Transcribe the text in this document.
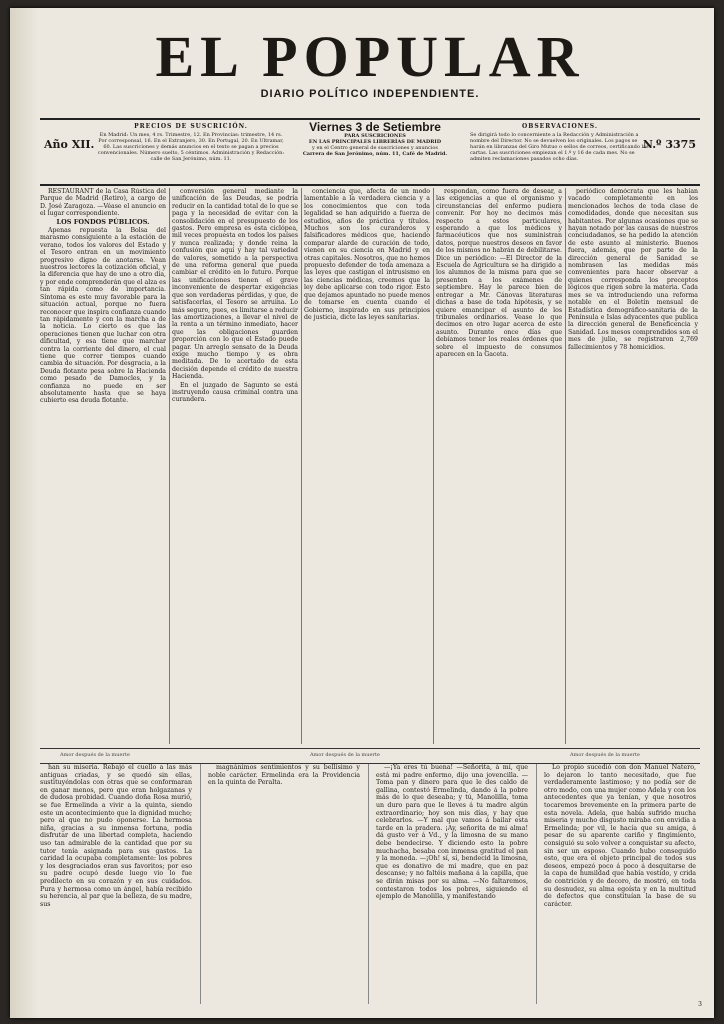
EL POPULAR
DIARIO POLÍTICO INDEPENDIENTE.
Año XII.
PRECIOS DE SUSCRICIÓN.
En Madrid: Un mes, 4 rs. Trimestre, 12. En Provincias: trimestre, 14 rs. Por corresponsal, 16. En el Extranjero, 30. En Portugal, 20. En Ultramar, 60. Las suscriciones y demás anuncios en el texto se pagan a precios convencionales. Número suelto, 5 céntimos. Administración y Redacción: calle de San Jerónimo, núm. 11.
Viernes 3 de Setiembre
PARA SUSCRICIONES
EN LAS PRINCIPALES LIBRERÍAS DE MADRID
y en el Centro general de suscriciones y anuncios
Carrera de San Jerónimo, núm. 11, Café de Madrid.
OBSERVACIONES.
Se dirigirá todo lo concerniente a la Redacción y Administración a nombre del Director. No se devuelven los originales. Los pagos se harán en libranzas del Giro Mutuo o sellos de correos, certificando las cartas. Las suscriciones empiezan el 1.º y 16 de cada mes. No se admiten reclamaciones pasados ocho días.
N.º 3375

RESTAURANT de la Casa Rústica del Parque de Madrid (Retiro), a cargo de D. José Zaragoza. —Véase el anuncio en el lugar correspondiente.

LOS FONDOS PÚBLICOS.

Apenas repuesta la Bolsa del marasmo consiguiente a la estación de verano, todos los valores del Estado y el Tesoro entran en un movimiento progresivo digno de anotarse. Vean nuestros lectores la cotización oficial, y la diferencia que hay de uno a otro día, y por ende comprenderán que el alza es tan rápida como de importancia. Síntoma es este muy favorable para la situación actual, porque no fuera reconocer que inspira confianza cuando tan rápidamente y con la marcha a de la noticia. Lo cierto es que las operaciones tienen que luchar con otra dificultad, y esa tiene que marchar contra la corriente del dinero, el cual tiene que correr tiempos cuando cambia de situación. Por desgracia, a la Deuda flotante pesa sobre la Hacienda como pesado de Damocles, y la confianza no puede en ser absolutamente hasta que se haya cubierto esa deuda flotante.

conversión general mediante la unificación de las Deudas, se podría reducir en la cantidad total de lo que se paga y la necesidad de evitar con la consolidación en el presupuesto de los gastos. Pero empresa es esta ciclópea, mil veces propuesta en todos los países y nunca realizada; y donde reina la confusión que aquí y hay tal variedad de valores, sometido a la perspectiva de una reforma general que pueda cambiar el crédito en lo futuro. Porque las unificaciones tienen el grave inconveniente de despertar exigencias que son verdaderas pérdidas, y que, de satisfacerlas, el Tesoro se arruina. Lo más seguro, pues, es limitarse a reducir las amortizaciones, a llevar el nivel de la renta a un término inmediato, hacer que las obligaciones guarden proporción con lo que el Estado puede pagar. Un arreglo sensato de la Deuda exige mucho tiempo y es obra meditada. De lo acertado de esta decisión depende el crédito de nuestra Hacienda.

En el juzgado de Sagunto se está instruyendo causa criminal contra una curandera.

conciencia que, afecta de un modo lamentable a la verdadera ciencia y a los conocimientos que con toda legalidad se han adquirido a fuerza de estudios, años de práctica y títulos. Muchos son los curanderos y falsificadores médicos que, haciendo comparar alarde de curación de todo, vienen en su ciencia en Madrid y en otras capitales. Nosotros, que no hemos propuesto defender de toda amenaza a las leyes que castigan el intrusismo en las ciencias médicas, creemos que la ley debe aplicarse con todo rigor. Esto que dejamos apuntado no puede menos de tomarse en cuenta cuando el Gobierno, inspirado en sus principios de justicia, dicte las leyes sanitarias.

respondan, como fuera de desear, a las exigencias a que el organismo y circunstancias del enfermo pudiera convenir. Por hoy no decimos más respecto a estos particulares, esperando a que los médicos y farmacéuticos que nos suministran datos, porque nuestros deseos en favor de los mismos no habrán de debilitarse. Dice un periódico: —El Director de la Escuela de Agricultura se ha dirigido a los alumnos de la misma para que se presenten a los exámenes de septiembre. Hay le parece bien de entregar a Mr. Cánovas literaturas dichas a base de toda hipótesis, y se quiere emancipar el asunto de los tribunales ordinarios. Vease lo que decimos en otro lugar acerca de este asunto. Durante once días que debíamos tener los reales órdenes que sobre el impuesto de consumos aparecen en la Gaceta.

periódico demócrata que les habían vacado completamente en los mencionados lechos de toda clase de comodidades, donde que necesitan sus habitantes. Por algunas ocasiones que se hayan notado por las causas de nuestros conciudadanos, se ha pedido la atención de este asunto al ministerio. Buenos fuera, además, que por parte de la dirección general de Sanidad se nombrasen las medidas más convenientes para hacer observar a quienes corresponda los preceptos lógicos que rigen sobre la materia. Cada mes se va introduciendo una reforma notable en el Boletín mensual de Estadística demográfico-sanitaria de la Península e Islas adyacentes que publica la dirección general de Beneficencia y Sanidad. Los mesos comprendidos son el mes de julio, se registraron 2,769 fallecimientos y 78 homicidios.

Amor después de la muerte	Amor después de la muerte	Amor después de la muerte

han su miseria. Rebajó el cuello a las más antiguas criadas, y se quedó sin ellas, sustituyéndolas con otras que se conformaran en ganar menos, pero que eran holgazanas y de dudosa probidad. Cuando doña Rosa murió, se fue Ermelinda a vivir a la quinta, siendo este un acontecimiento que la dignidad mucho; pero al que no pudo oponerse. La hermosa niña, gracias a su inmensa fortuna, podía disfrutar de una libertad completa, haciendo uso tan admirable de la cantidad que por su tutor tenía asignada para sus gastos. La caridad la ocupaba completamente: los pobres y los desgraciados eran sus favoritos; por eso su padre ocupó desde luego vio lo fue predilecto en su corazón y en sus cuidados. Pura y hermosa como un ángel, había recibido su herencia, al par que la belleza, de su madre, sus

magnánimos sentimientos y su bellísimo y noble carácter. Ermelinda era la Providencia en la quinta de Peralta.

—¡Ya eres tú buena! —Señorita, á mí, que está mi padre enfermo, dijo una jovencilla. —Toma pan y dinero para que le des caldo de gallina, contestó Ermelinda, dando á la pobre más de lo que deseaba; y tú, Manolilla, toma un duro para que le lleves á tu madre algún extraordinario; hoy son mis días, y hay que celebrarlos. —Y mal que vamos á bailar esta tarde en la pradera. ¡Ay, señorita de mi alma! dá gusto ver á Vd., y la limosna de su mano debe bendecirse. Y diciendo esto la pobre muchacha, besaba con inmensa gratitud el pan y la moneda. —¡Oh! sí, sí, bendecid la limosna, que es donativo de mi madre, que en paz descanse; y no faltéis mañana á la capilla, que se dirán misas por su alma. —No faltaremos, contestaron todos los pobres, siguiendo el ejemplo de Manolilla, y manifestando

Lo propio sucedió con don Manuel Natero, lo dejaron lo tanto necesitado, que fue verdaderamente lastimoso; y no podía ser de otro modo, con una mujer como Adela y con los antecedentes que ya tenían, y que nosotros tocaremos brevemente en la primera parte de esta novela. Adela, que había sufrido mucha miseria y mucho disgusto miraba con envidia a Ermelinda; por vil, le hacía que su amiga, á pesar de su aparente cariño y fingimiento, consiguió su solo volver a conquistar su afecto, sin ser un esposo. Cuando hubo conseguido esto, que era el objeto principal de todos sus deseos, empezó poco á poco á desquitarse de la capa de humildad que había vestido, y crida de contrición y de decoro, de mostró, en toda su desnudez, su alma egoísta y en la multitud de defectos que constituían la base de su carácter.

3
